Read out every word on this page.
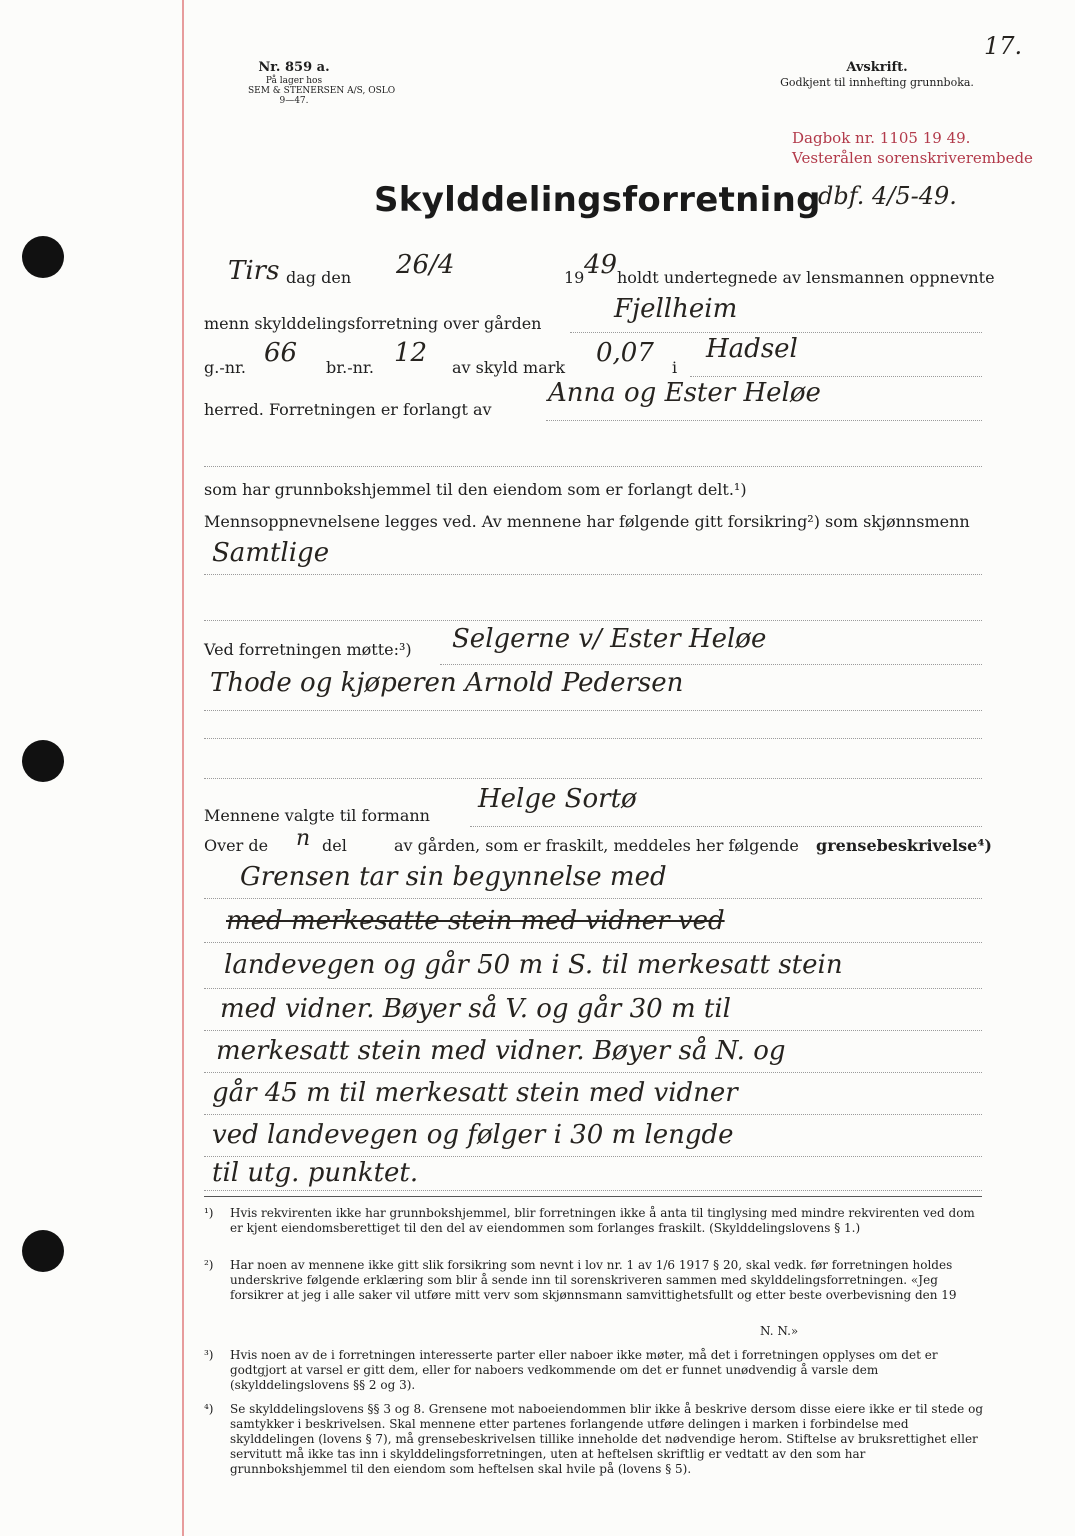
Nr. 859 a.
På lager hos
SEM & STENERSEN A/S, OSLO
9—47.
Avskrift.
Godkjent til innhefting grunnboka.
17.
Dagbok nr. 1105 19 49.
Vesterålen sorenskriverembede
Skylddelingsforretning
dbf. 4/5-49.
Tirs dag den 26/4	19 49 holdt undertegnede av lensmannen oppnevnte
menn skylddelingsforretning over gården	Fjellheim
g.-nr. 66 br.-nr. 12 av skyld mark 0,07 i
Hadsel
herred. Forretningen er forlangt av
Anna og Ester Heløe
som har grunnbokshjemmel til den eiendom som er forlangt delt.¹)
Mennsoppnevnelsene legges ved. Av mennene har følgende gitt forsikring²) som skjønnsmenn
Samtlige
Ved forretningen møtte:³) Selgerne v/ Ester Heløe
Thode og kjøperen Arnold Pedersen
Mennene valgte til formann
Helge Sortø
Over de n del	av gården, som er fraskilt, meddeles her følgende grensebeskrivelse⁴)
Grensen tar sin begynnelse med
med merkesatte stein med vidner ved
landevegen og går 50 m i S. til merkesatt stein
med vidner. Bøyer så V. og går 30 m til
merkesatt stein med vidner. Bøyer så N. og
går 45 m til merkesatt stein med vidner
ved landevegen og følger i 30 m lengde
til utg. punktet.
¹)	Hvis rekvirenten ikke har grunnbokshjemmel, blir forretningen ikke å anta til tinglysing med mindre rekvirenten ved dom er kjent eiendomsberettiget til den del av eiendommen som forlanges fraskilt. (Skylddelingslovens § 1.)
²)	Har noen av mennene ikke gitt slik forsikring som nevnt i lov nr. 1 av 1/6 1917 § 20, skal vedk. før forretningen holdes underskrive følgende erklæring som blir å sende inn til sorenskriveren sammen med skylddelingsforretningen. «Jeg forsikrer at jeg i alle saker vil utføre mitt verv som skjønnsmann samvittighetsfullt og etter beste overbevisning den 19
N. N.»
³)	Hvis noen av de i forretningen interesserte parter eller naboer ikke møter, må det i forretningen opplyses om det er godtgjort at varsel er gitt dem, eller for naboers vedkommende om det er funnet unødvendig å varsle dem (skylddelingslovens §§ 2 og 3).
⁴)	Se skylddelingslovens §§ 3 og 8. Grensene mot naboeiendommen blir ikke å beskrive dersom disse eiere ikke er til stede og samtykker i beskrivelsen. Skal mennene etter partenes forlangende utføre delingen i marken i forbindelse med skylddelingen (lovens § 7), må grensebeskrivelsen tillike inneholde det nødvendige herom. Stiftelse av bruksrettighet eller servitutt må ikke tas inn i skylddelingsforretningen, uten at heftelsen skriftlig er vedtatt av den som har grunnbokshjemmel til den eiendom som heftelsen skal hvile på (lovens § 5).
